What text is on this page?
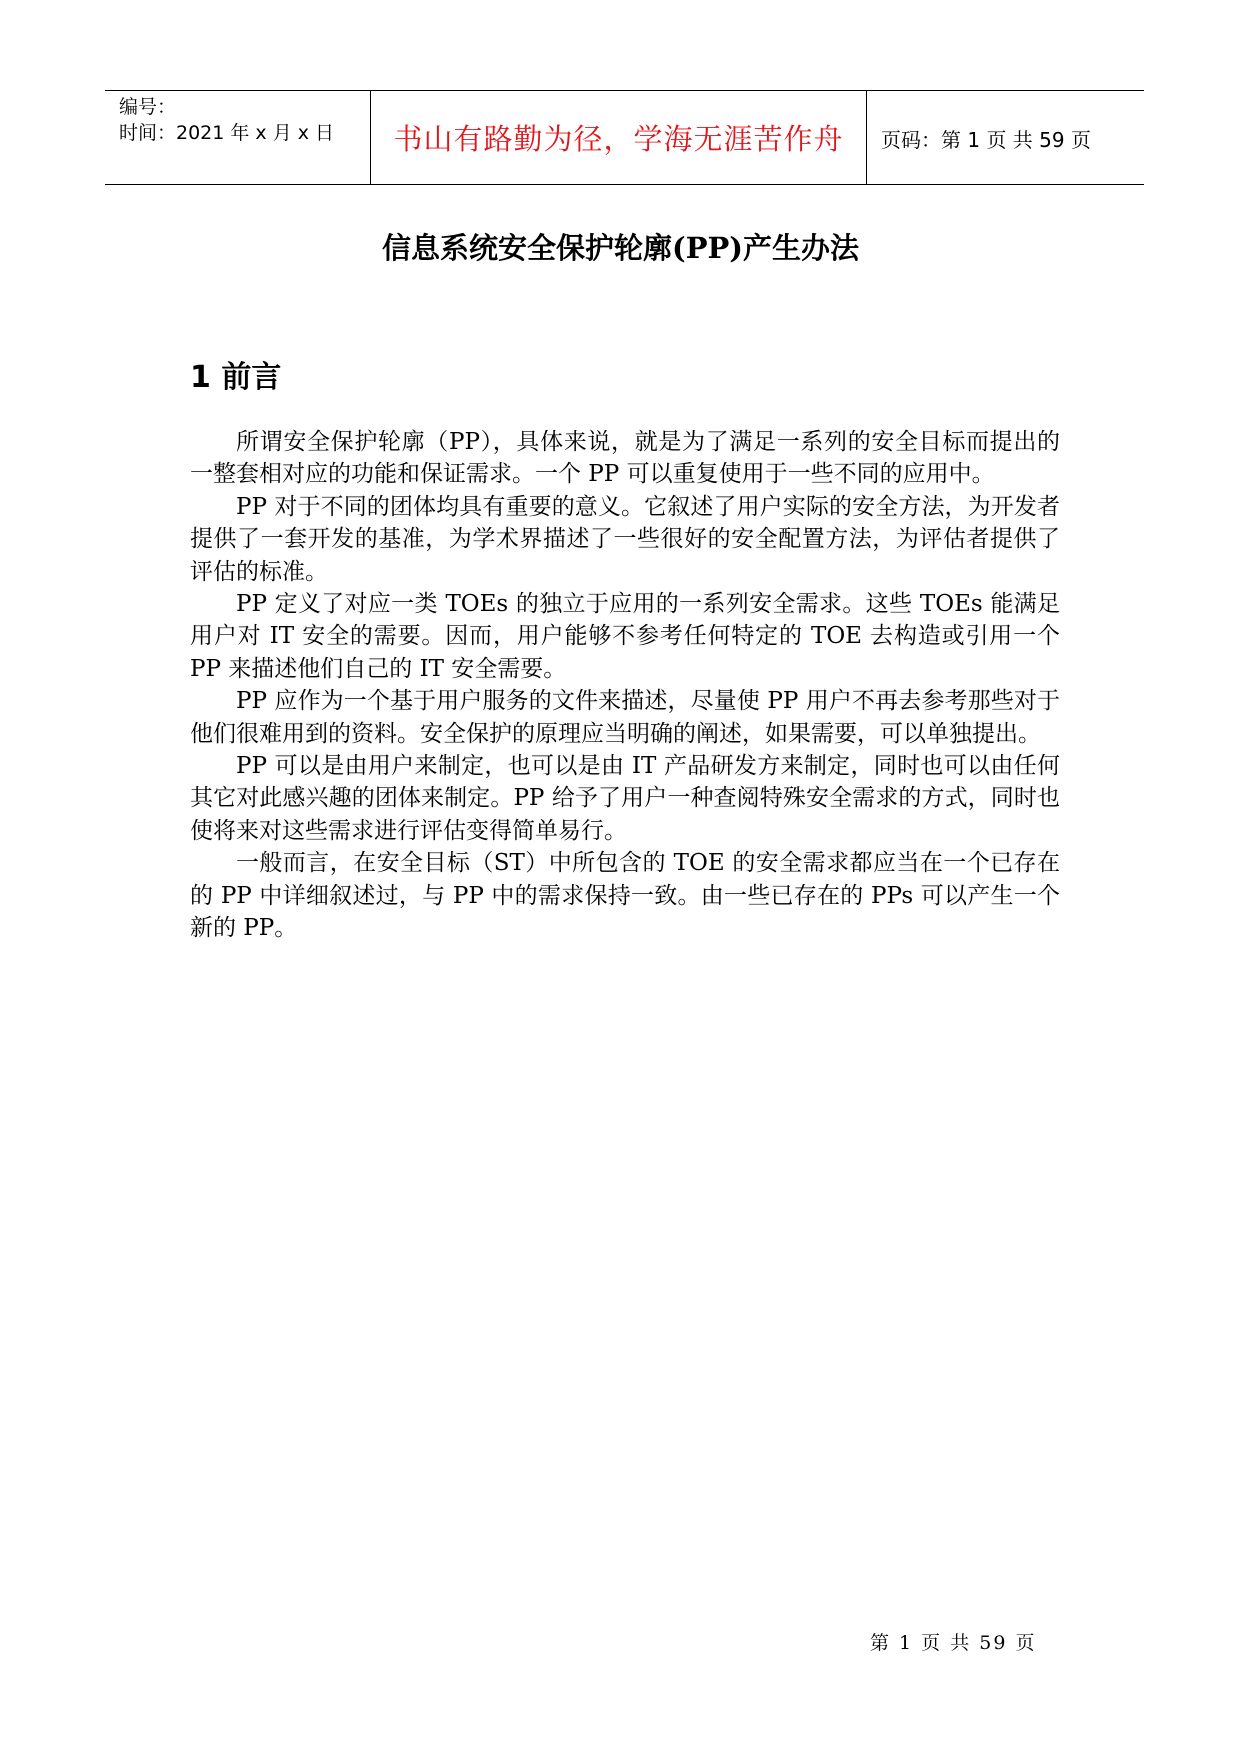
编号：
时间：2021 年 x 月 x 日	书山有路勤为径，学海无涯苦作舟	页码：第 1 页 共 59 页
信息系统安全保护轮廓(PP)产生办法
1 前言

所谓安全保护轮廓（PP），具体来说，就是为了满足一系列的安全目标而提出的一整套相对应的功能和保证需求。一个 PP 可以重复使用于一些不同的应用中。

PP 对于不同的团体均具有重要的意义。它叙述了用户实际的安全方法，为开发者提供了一套开发的基准，为学术界描述了一些很好的安全配置方法，为评估者提供了评估的标准。

PP 定义了对应一类 TOEs 的独立于应用的一系列安全需求。这些 TOEs 能满足用户对 IT 安全的需要。因而，用户能够不参考任何特定的 TOE 去构造或引用一个 PP 来描述他们自己的 IT 安全需要。

PP 应作为一个基于用户服务的文件来描述，尽量使 PP 用户不再去参考那些对于他们很难用到的资料。安全保护的原理应当明确的阐述，如果需要，可以单独提出。

PP 可以是由用户来制定，也可以是由 IT 产品研发方来制定，同时也可以由任何其它对此感兴趣的团体来制定。PP 给予了用户一种查阅特殊安全需求的方式，同时也使将来对这些需求进行评估变得简单易行。

一般而言，在安全目标（ST）中所包含的 TOE 的安全需求都应当在一个已存在的 PP 中详细叙述过，与 PP 中的需求保持一致。由一些已存在的 PPs 可以产生一个新的 PP。

第 1 页 共 59 页
